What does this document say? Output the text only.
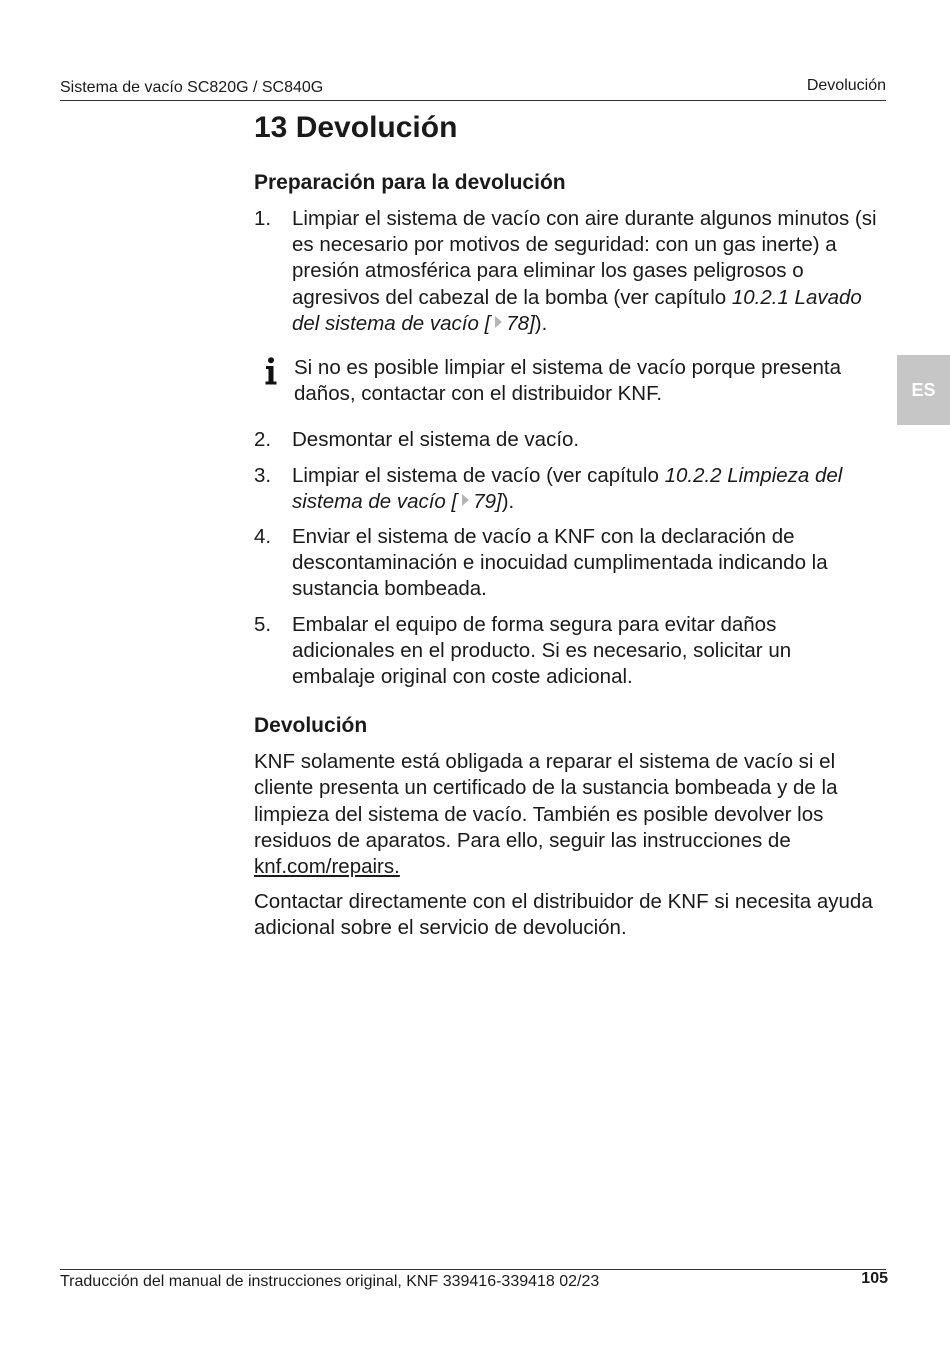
Sistema de vacío SC820G / SC840G	Devolución
13 Devolución
Preparación para la devolución
1. Limpiar el sistema de vacío con aire durante algunos minutos (si es necesario por motivos de seguridad: con un gas inerte) a presión atmosférica para eliminar los gases peligrosos o agresivos del cabezal de la bomba (ver capítulo 10.2.1 Lavado del sistema de vacío [ 78]).
Si no es posible limpiar el sistema de vacío porque presenta daños, contactar con el distribuidor KNF.
2. Desmontar el sistema de vacío.
3. Limpiar el sistema de vacío (ver capítulo 10.2.2 Limpieza del sistema de vacío [ 79]).
4. Enviar el sistema de vacío a KNF con la declaración de descontaminación e inocuidad cumplimentada indicando la sustancia bombeada.
5. Embalar el equipo de forma segura para evitar daños adicionales en el producto. Si es necesario, solicitar un embalaje original con coste adicional.
Devolución

KNF solamente está obligada a reparar el sistema de vacío si el cliente presenta un certificado de la sustancia bombeada y de la limpieza del sistema de vacío. También es posible devolver los residuos de aparatos. Para ello, seguir las instrucciones de knf.com/repairs.

Contactar directamente con el distribuidor de KNF si necesita ayuda adicional sobre el servicio de devolución.

ES
Traducción del manual de instrucciones original, KNF 339416-339418 02/23	105
